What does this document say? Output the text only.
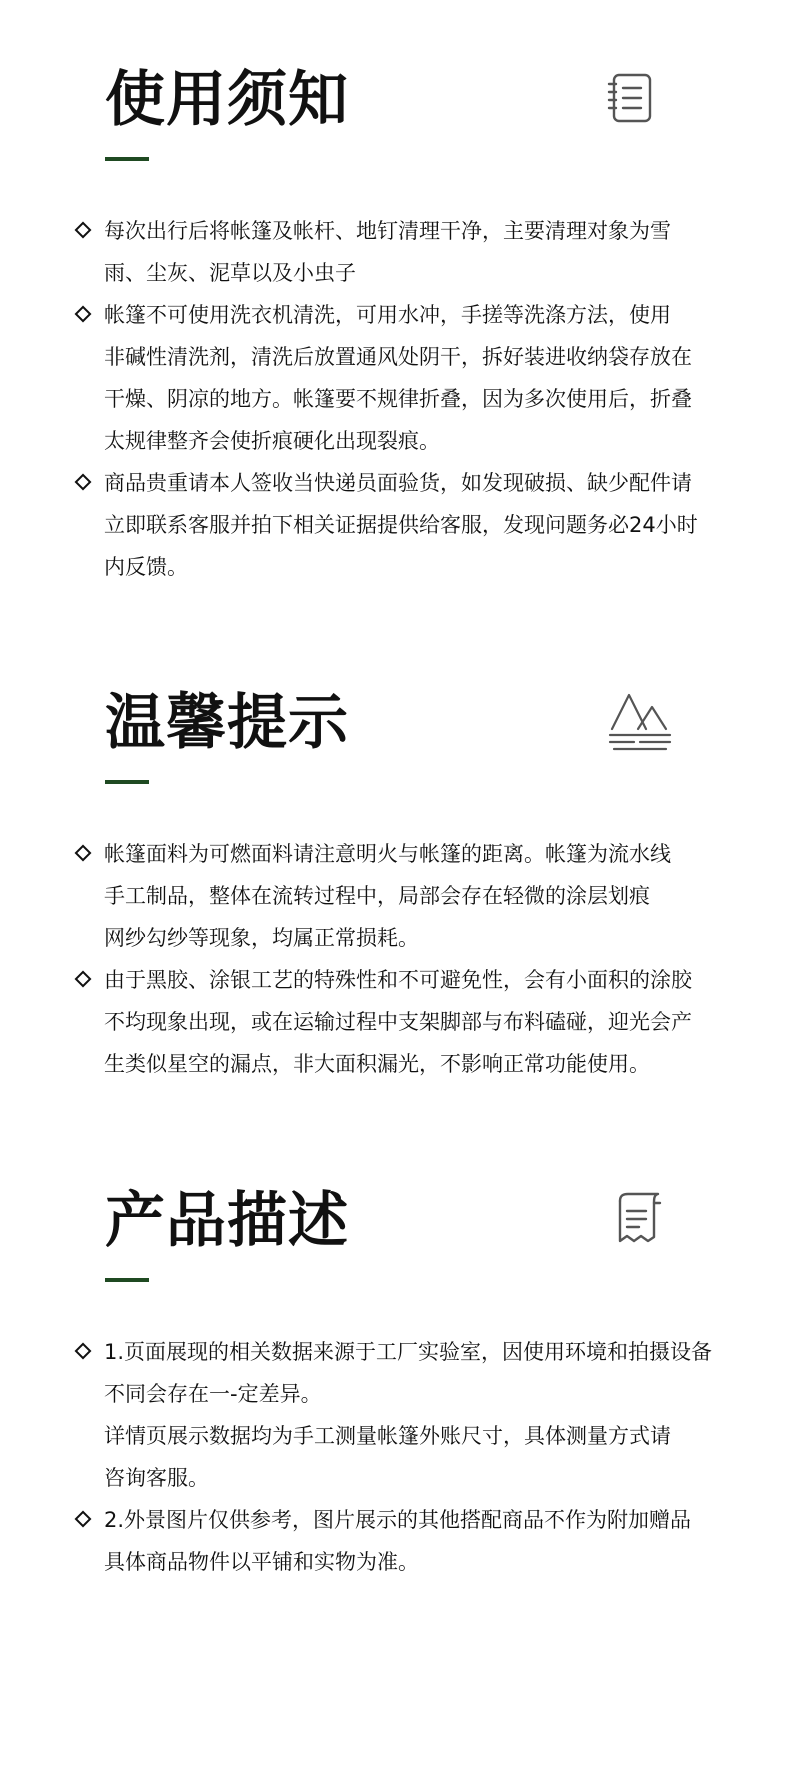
使用须知
每次出行后将帐篷及帐杆、地钉清理干净，主要清理对象为雪
雨、尘灰、泥草以及小虫子
帐篷不可使用洗衣机清洗，可用水冲，手搓等洗涤方法，使用
非碱性清洗剂，清洗后放置通风处阴干，拆好装进收纳袋存放在
干燥、阴凉的地方。帐篷要不规律折叠，因为多次使用后，折叠
太规律整齐会使折痕硬化出现裂痕。
商品贵重请本人签收当快递员面验货，如发现破损、缺少配件请
立即联系客服并拍下相关证据提供给客服，发现问题务必24小时
内反馈。
温馨提示
帐篷面料为可燃面料请注意明火与帐篷的距离。帐篷为流水线
手工制品，整体在流转过程中，局部会存在轻微的涂层划痕
网纱勾纱等现象，均属正常损耗。
由于黑胶、涂银工艺的特殊性和不可避免性，会有小面积的涂胶
不均现象出现，或在运输过程中支架脚部与布料磕碰，迎光会产
生类似星空的漏点，非大面积漏光，不影响正常功能使用。
产品描述
1.页面展现的相关数据来源于工厂实验室，因使用环境和拍摄设备
不同会存在一-定差异。
详情页展示数据均为手工测量帐篷外账尺寸，具体测量方式请
咨询客服。
2.外景图片仅供参考，图片展示的其他搭配商品不作为附加赠品
具体商品物件以平铺和实物为准。
